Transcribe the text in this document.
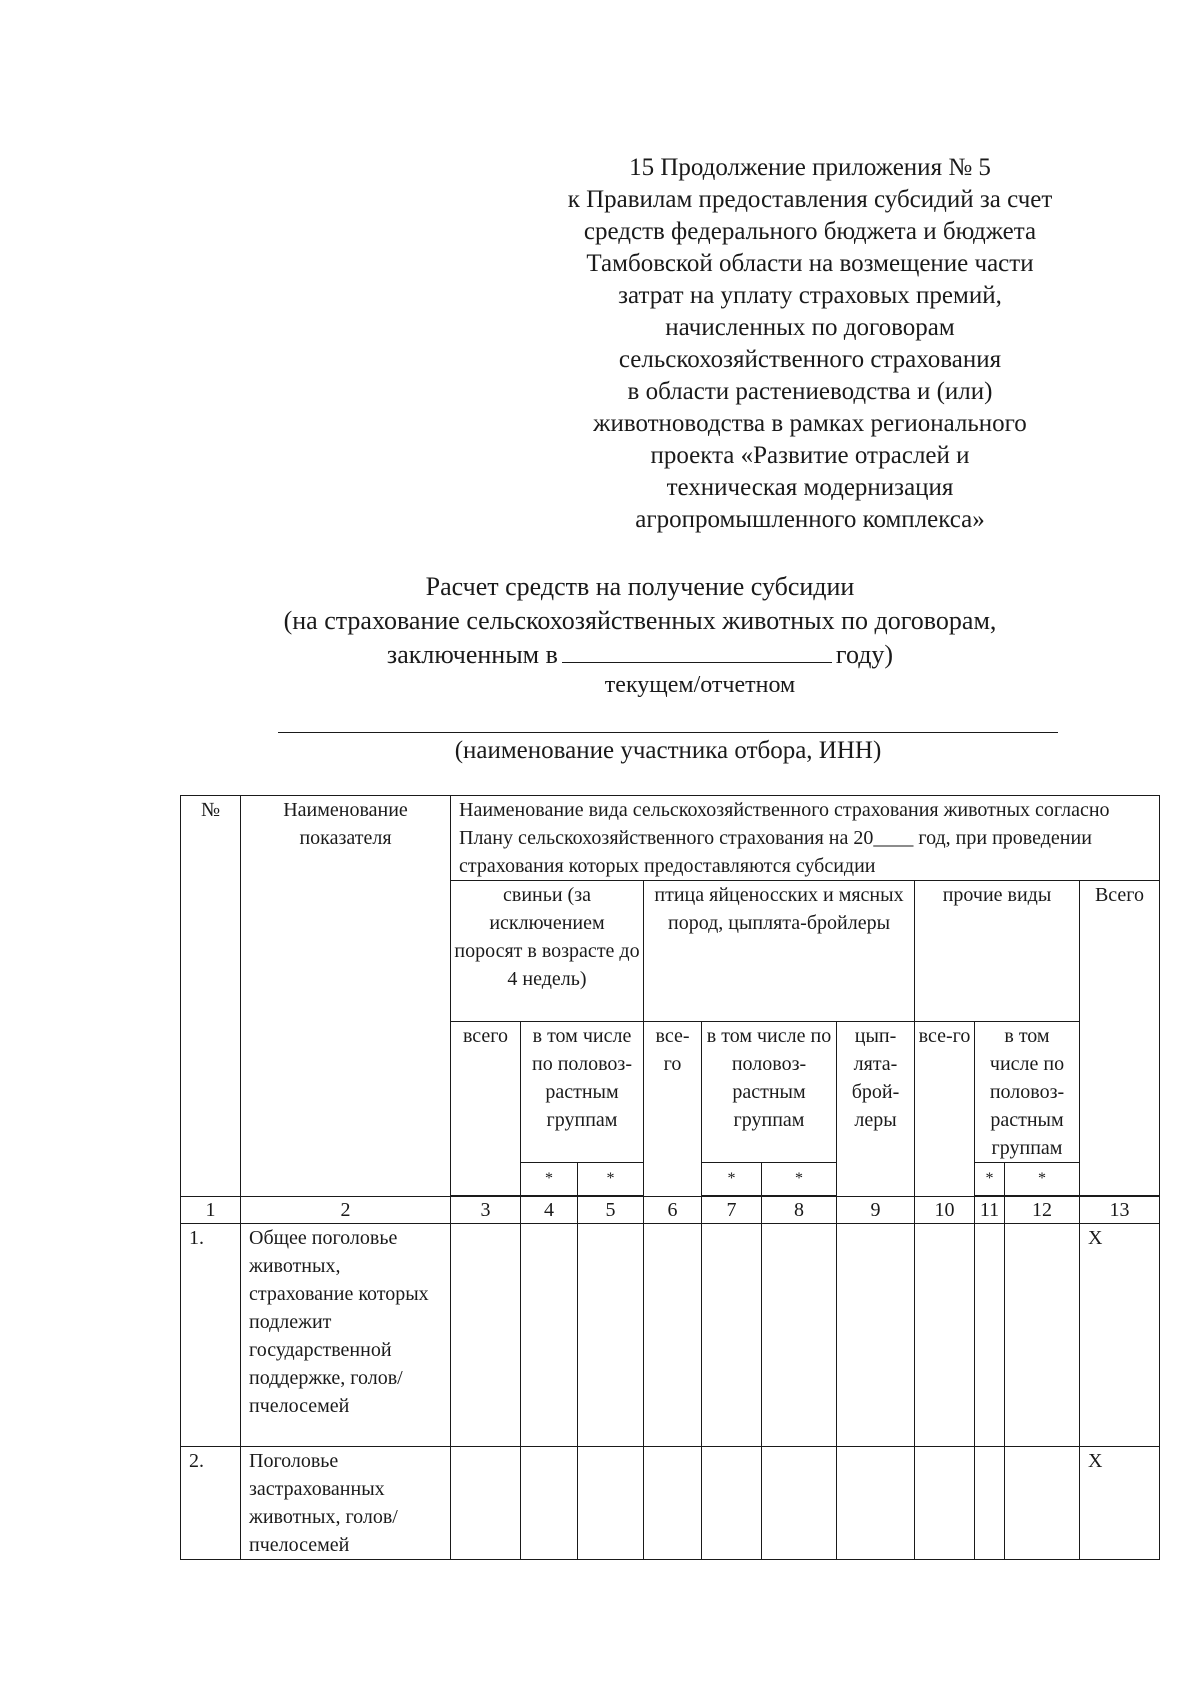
15 Продолжение приложения № 5
к Правилам предоставления субсидий за счет
средств федерального бюджета и бюджета
Тамбовской области на возмещение части
затрат на уплату страховых премий,
начисленных по договорам
сельскохозяйственного страхования
в области растениеводства и (или)
животноводства в рамках регионального
проекта «Развитие отраслей и
техническая модернизация
агропромышленного комплекса»
Расчет средств на получение субсидии
(на страхование сельскохозяйственных животных по договорам,
заключенным в	году)
текущем/отчетном
(наименование участника отбора, ИНН)
№	Наименование показателя	Наименование вида сельскохозяйственного страхования животных согласно Плану сельскохозяйственного страхования на 20____ год, при проведении страхования которых предоставляются субсидии										
		свиньи (за исключением поросят в возрасте до 4 недель)			птица яйценосских и мясных пород, цыплята-бройлеры				прочие виды			Всего
		всего	в том числе по половоз-растным группам		все-го	в том числе по половоз-растным группам		цып-лята-брой-леры	все-го	в том числе по половоз-растным группам		
			*	*		*	*			*	*	

1	2	3	4	5	6	7	8	9	10	11	12	13
1.	Общее поголовье животных, страхование которых подлежит государственной поддержке, голов/ пчелосемей											Х
2.	Поголовье застрахованных животных, голов/ пчелосемей											Х
